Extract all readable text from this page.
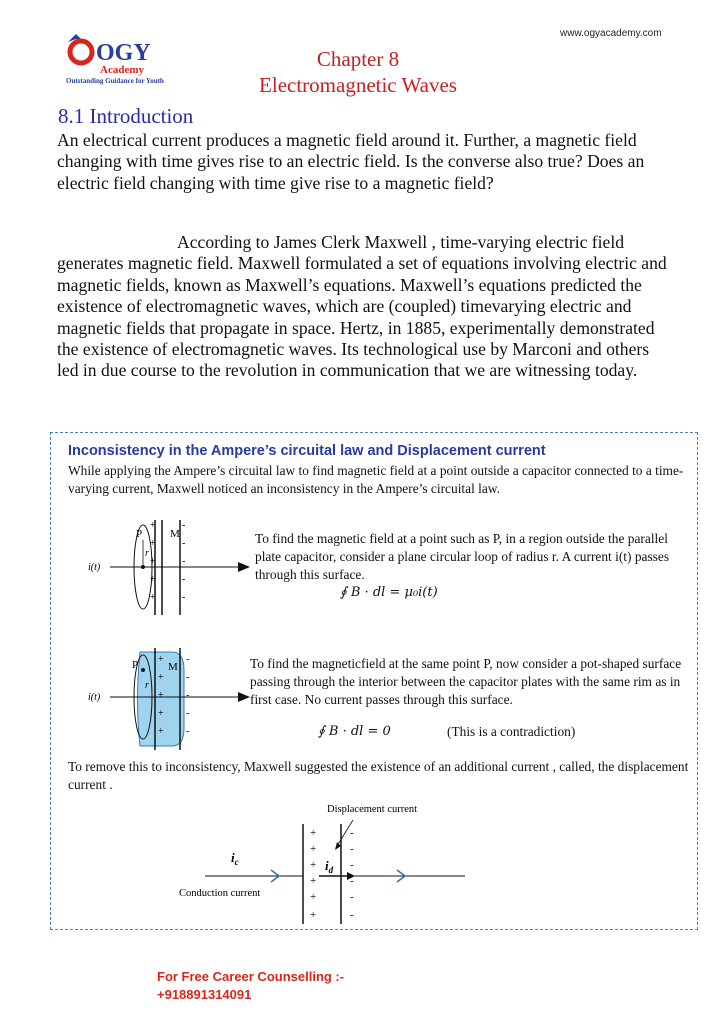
www.ogyacademy.com
OGY
Academy
Outstanding Guidance for Youth
Chapter 8
Electromagnetic Waves
8.1 Introduction
An electrical current produces a magnetic field around it. Further, a magnetic field changing with time gives rise to an electric field. Is the converse also true? Does an electric field changing with time give rise to a magnetic field?
According to James Clerk Maxwell , time-varying electric field generates magnetic field. Maxwell formulated a set of equations involving electric and magnetic fields, known as Maxwell’s equations. Maxwell’s equations predicted the existence of electromagnetic waves, which are (coupled) timevarying electric and magnetic fields that propagate in space. Hertz, in 1885, experimentally demonstrated the existence of electromagnetic waves. Its technological use by Marconi and others led in due course to the revolution in communication that we are witnessing today.
Inconsistency in the Ampere’s circuital law and Displacement current
While applying the Ampere’s circuital law to find magnetic field at a point outside a capacitor connected to a time-varying current, Maxwell noticed an inconsistency in the Ampere’s circuital law.
P
r
M
i(t)
+
+
+
+
+
-
-
-
-
-
To find the magnetic field at a point such as P, in a region outside the parallel plate capacitor, consider a plane circular loop of radius r. A current i(t) passes through this surface.
∮ B · dl = μ₀i(t)
P
r
M
i(t)
+
+
+
+
+
-
-
-
-
-
To find the magneticfield at the same point P, now consider a pot-shaped surface passing through the interior between the capacitor plates with the same rim as in first case. No current passes through this surface.
∮ B · dl = 0	(This is a contradiction)
To remove this to inconsistency, Maxwell suggested the existence of an additional current , called, the displacement current .
+
+
+
+
+
+
-
-
-
-
-
-
$i_c$	$i_d$
Conduction current
Displacement current
For Free Career Counselling :-
+918891314091
